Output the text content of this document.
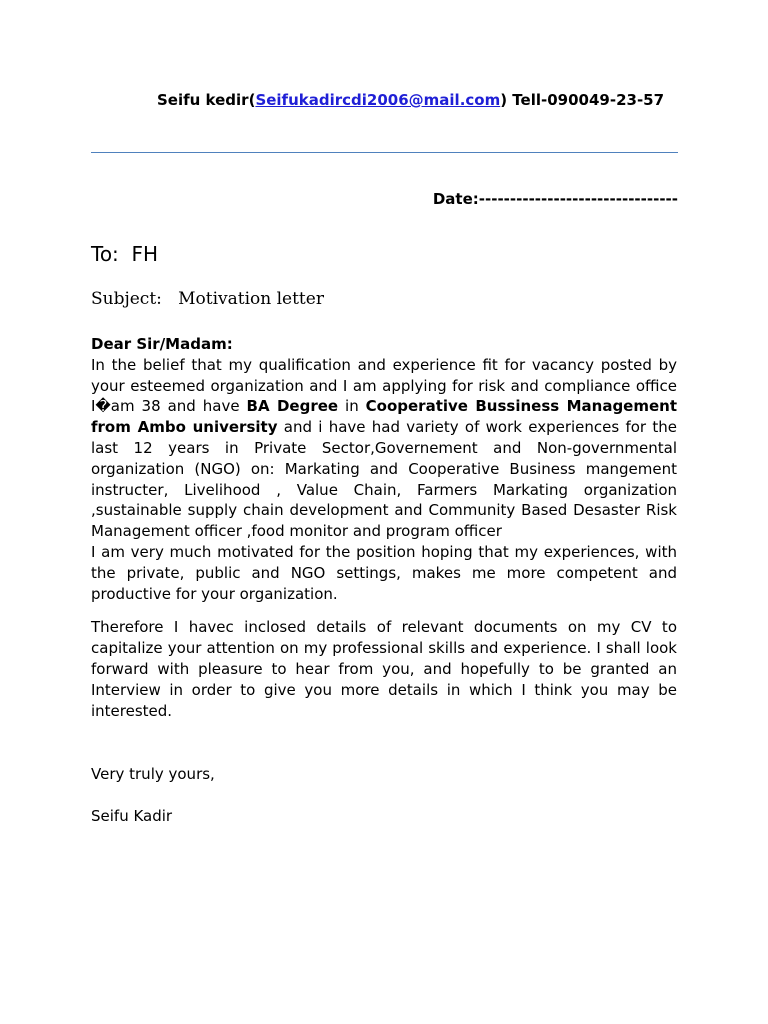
Seifu kedir(Seifukadircdi2006@mail.com) Tell-090049-23-57
Date:--------------------------------
To:  FH
Subject:   Motivation letter

Dear Sir/Madam:

In the belief that my qualification and experience fit for vacancy posted by your esteemed organization and I am applying for risk and compliance office I�am 38 and have BA Degree in Cooperative Bussiness Management from Ambo university and i have had variety of work experiences for the last 12 years in Private Sector,Governement and Non-governmental organization (NGO) on: Markating and Cooperative Business mangement instructer, Livelihood , Value Chain, Farmers Markating organization ,sustainable supply chain development and Community Based Desaster Risk Management officer ,food monitor and program officer

I am very much motivated for the position hoping that my experiences, with the private, public and NGO settings, makes me more competent and productive for your organization.

Therefore I havec inclosed details of relevant documents on my CV to capitalize your attention on my professional skills and experience. I shall look forward with pleasure to hear from you, and hopefully to be granted an Interview in order to give you more details in which I think you may be interested.

Very truly yours,
Seifu Kadir
